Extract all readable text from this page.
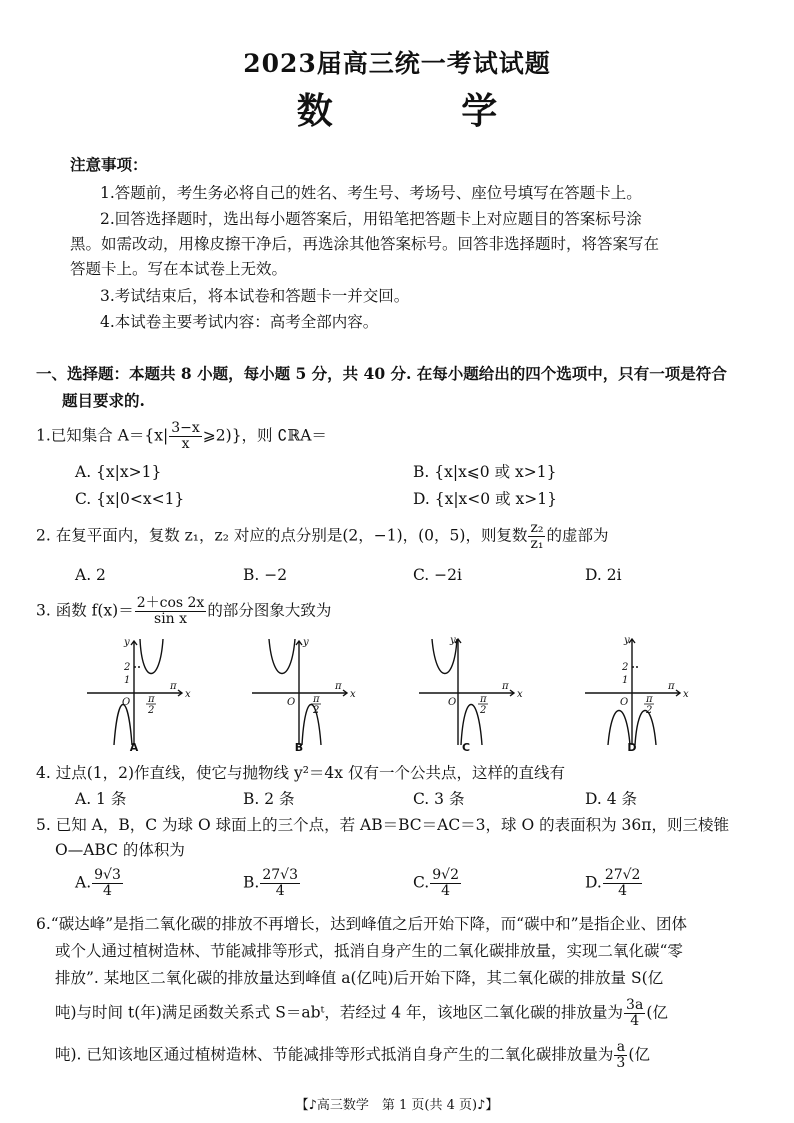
2023届高三统一考试试题
数 学
注意事项：
1.答题前，考生务必将自己的姓名、考生号、考场号、座位号填写在答题卡上。
2.回答选择题时，选出每小题答案后，用铅笔把答题卡上对应题目的答案标号涂
黑。如需改动，用橡皮擦干净后，再选涂其他答案标号。回答非选择题时，将答案写在
答题卡上。写在本试卷上无效。
3.考试结束后，将本试卷和答题卡一并交回。
4.本试卷主要考试内容：高考全部内容。
一、选择题：本题共 8 小题，每小题 5 分，共 40 分. 在每小题给出的四个选项中，只有一项是符合
题目要求的.
1.已知集合 $A=\{x| \frac{3-x}{x}$ ⩾2)}，则 ∁ℝA＝
A. {x|x>1}	B. {x|x⩽0 或 x>1}
C. {x|0<x<1}	D. {x|x<0 或 x>1}
2. 在复平面内，复数 z₁，z₂ 对应的点分别是(2，−1)，(0，5)，则复数 $\frac{\text{z₂}}{\text{z₁}}$ 的虚部为
A. 2	B. −2	C. −2i	D. 2i
3. 函数 $f(x)= \frac{2+\cos 2x}{\text{sin x}}$ 的部分图象大致为
y
x
O
π
2
1
π
2
A
y
x
O
π
π
2
B
y
x
O
π
π
2
C
y
x
O
π
2
1
π
2
D
4. 过点(1，2)作直线，使它与抛物线 y²＝4x 仅有一个公共点，这样的直线有
A. 1 条	B. 2 条	C. 3 条	D. 4 条
5. 已知 A，B，C 为球 O 球面上的三个点，若 AB＝BC＝AC＝3，球 O 的表面积为 36π，则三棱锥
O—ABC 的体积为
A. $\frac{9√3}{4}$	B. $\frac{27√3}{4}$	C. $\frac{9√2}{4}$	D. $\frac{27√2}{4}$
6.“碳达峰”是指二氧化碳的排放不再增长，达到峰值之后开始下降，而“碳中和”是指企业、团体
或个人通过植树造林、节能减排等形式，抵消自身产生的二氧化碳排放量，实现二氧化碳“零
排放”. 某地区二氧化碳的排放量达到峰值 a(亿吨)后开始下降，其二氧化碳的排放量 S(亿
吨)与时间 t(年)满足函数关系式 S＝abᵗ，若经过 4 年，该地区二氧化碳的排放量为 $\frac{3a}{4}$ (亿
吨). 已知该地区通过植树造林、节能减排等形式抵消自身产生的二氧化碳排放量为 $\frac{a}{3}$ (亿
【♪高三数学　第 1 页(共 4 页)♪】
